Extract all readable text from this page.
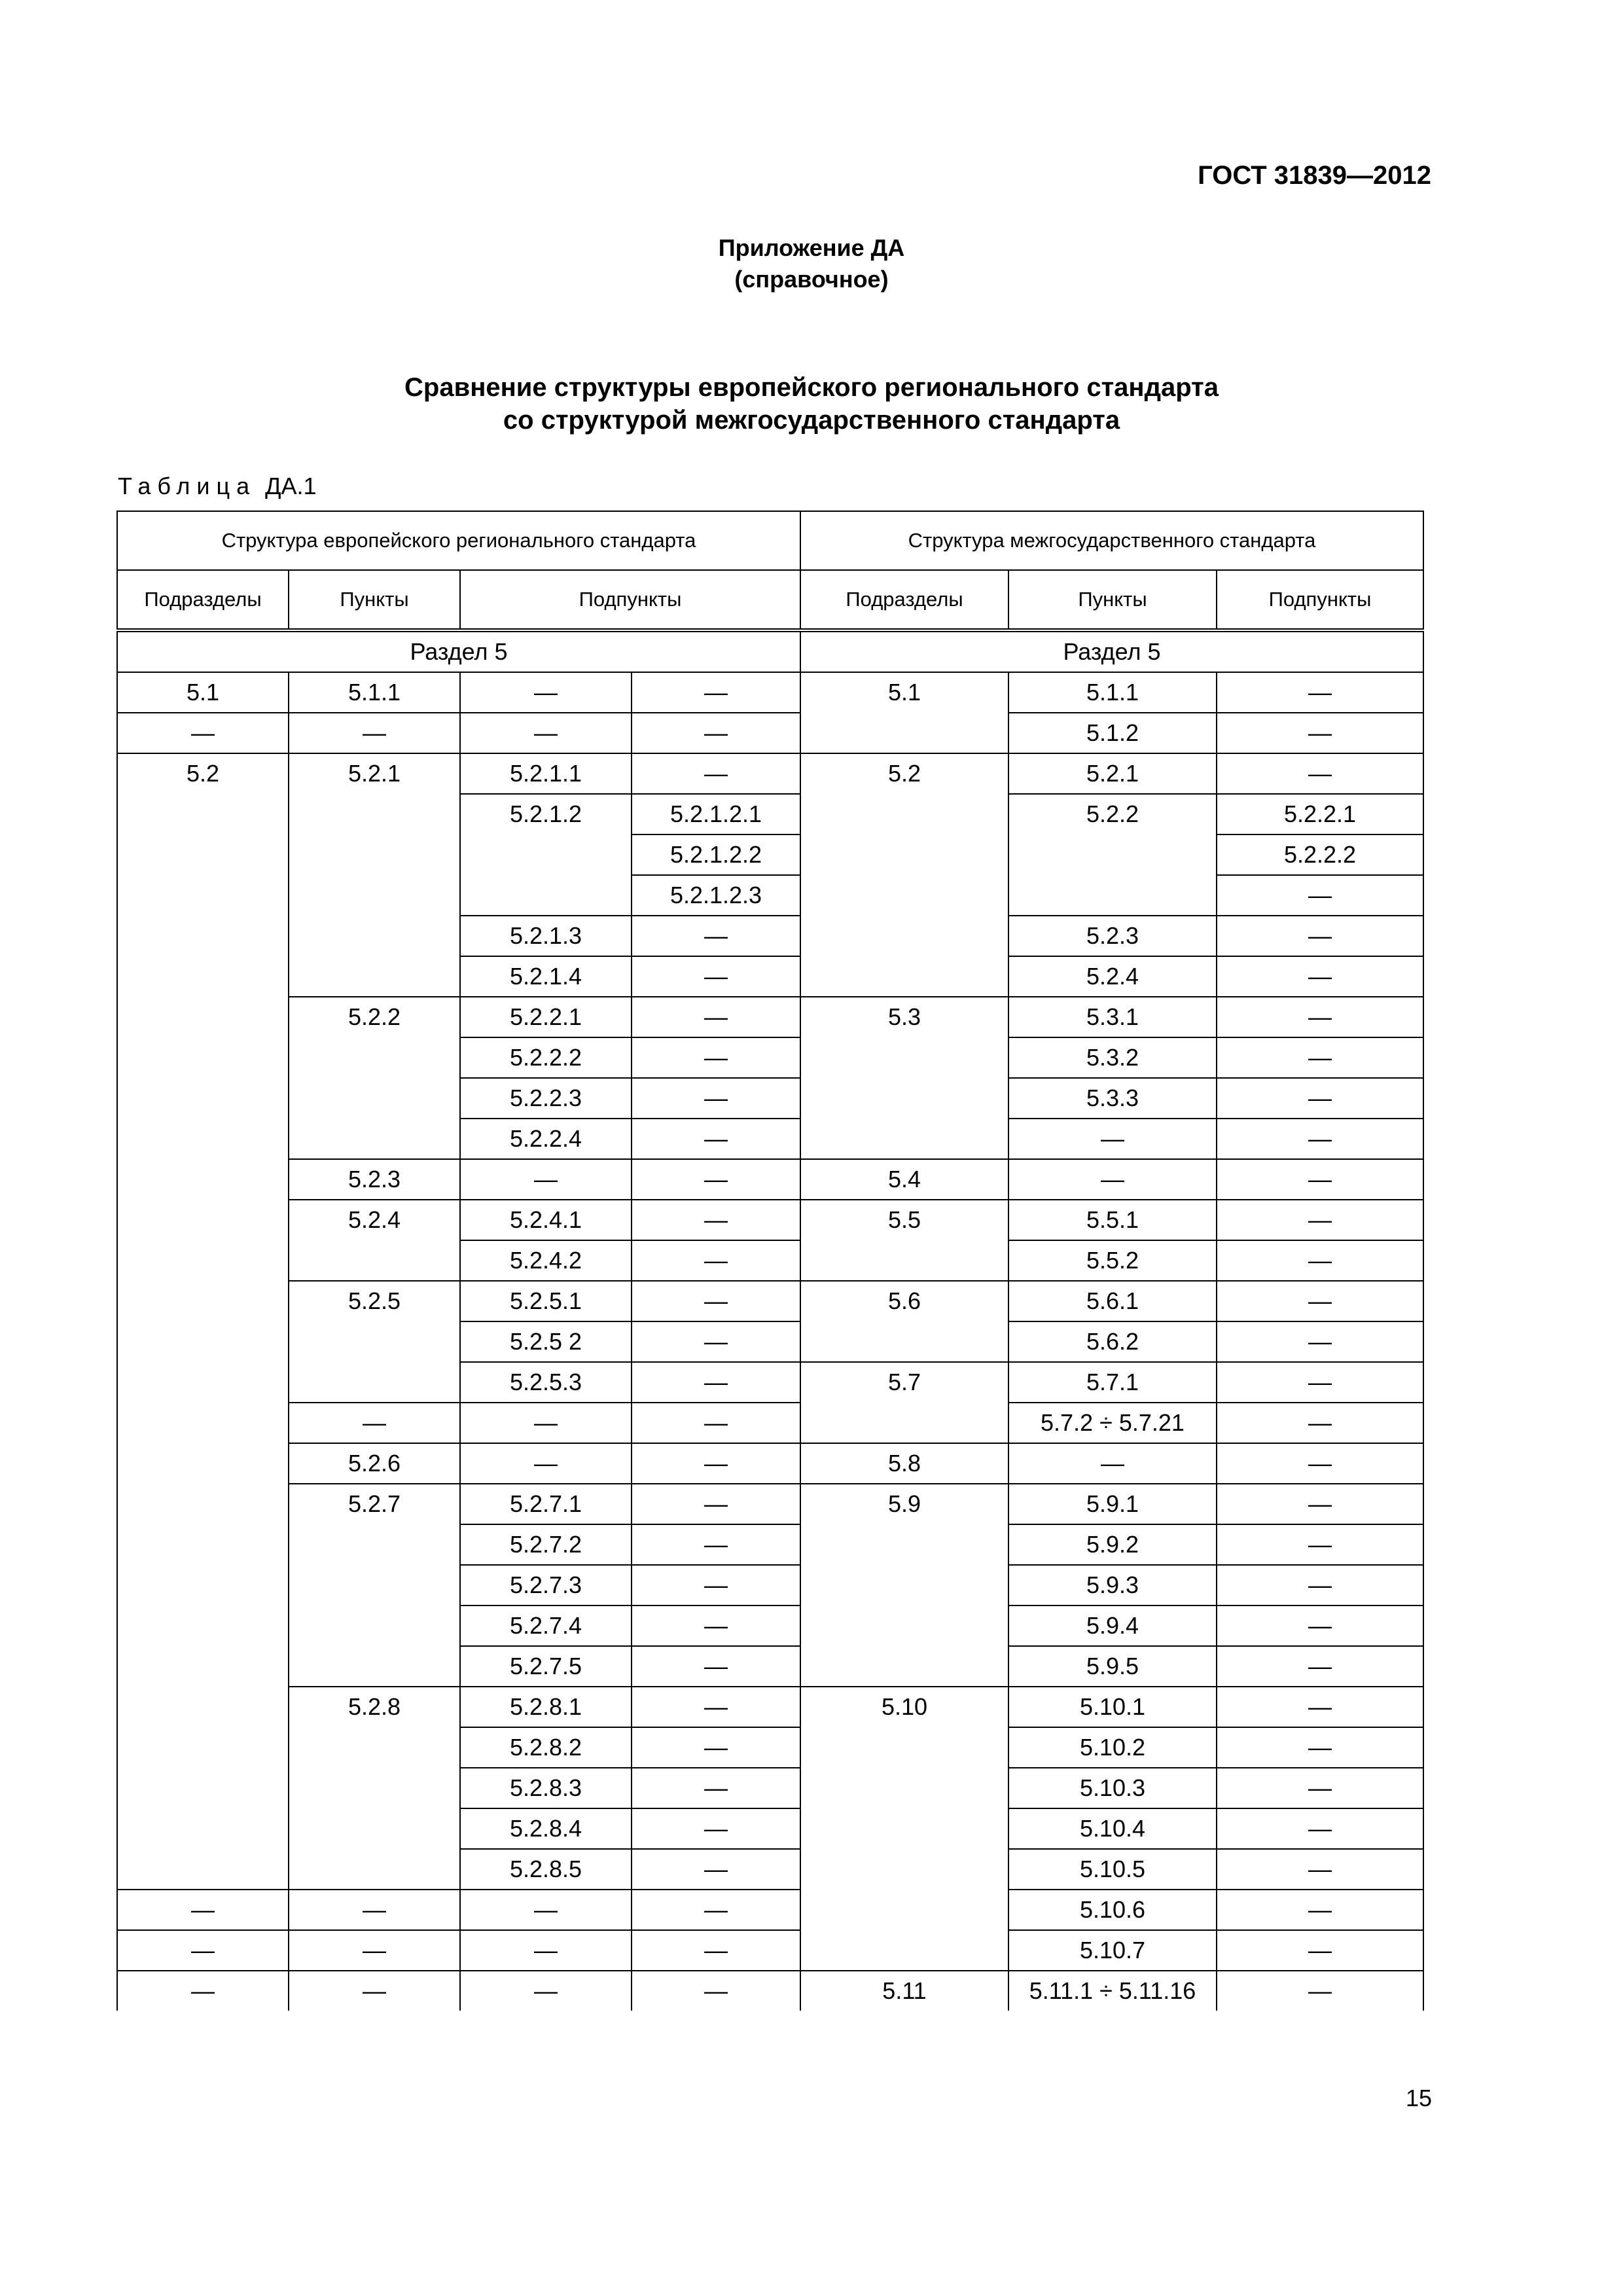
ГОСТ 31839—2012
Приложение ДА
(справочное)
Сравнение структуры европейского регионального стандарта
со структурой межгосударственного стандарта
Таблица ДА.1
Структура европейского регионального стандарта				Структура межгосударственного стандарта		
Подразделы	Пункты	Подпункты		Подразделы	Пункты	Подпункты
Раздел 5				Раздел 5		
5.1	5.1.1	—	—	5.1	5.1.1	—
—	—	—	—		5.1.2	—
5.2	5.2.1	5.2.1.1	—	5.2	5.2.1	—
		5.2.1.2	5.2.1.2.1		5.2.2	5.2.2.1
			5.2.1.2.2			5.2.2.2
			5.2.1.2.3			—
		5.2.1.3	—		5.2.3	—
		5.2.1.4	—		5.2.4	—
	5.2.2	5.2.2.1	—	5.3	5.3.1	—
		5.2.2.2	—		5.3.2	—
		5.2.2.3	—		5.3.3	—
		5.2.2.4	—		—	—
	5.2.3	—	—	5.4	—	—
	5.2.4	5.2.4.1	—	5.5	5.5.1	—
		5.2.4.2	—		5.5.2	—
	5.2.5	5.2.5.1	—	5.6	5.6.1	—
		5.2.5 2	—		5.6.2	—
		5.2.5.3	—	5.7	5.7.1	—
	—	—	—		5.7.2 ÷ 5.7.21	—
	5.2.6	—	—	5.8	—	—
	5.2.7	5.2.7.1	—	5.9	5.9.1	—
		5.2.7.2	—		5.9.2	—
		5.2.7.3	—		5.9.3	—
		5.2.7.4	—		5.9.4	—
		5.2.7.5	—		5.9.5	—
	5.2.8	5.2.8.1	—	5.10	5.10.1	—
		5.2.8.2	—		5.10.2	—
		5.2.8.3	—		5.10.3	—
		5.2.8.4	—		5.10.4	—
		5.2.8.5	—		5.10.5	—
—	—	—	—		5.10.6	—
—	—	—	—		5.10.7	—
—	—	—	—	5.11	5.11.1 ÷ 5.11.16	—
15
